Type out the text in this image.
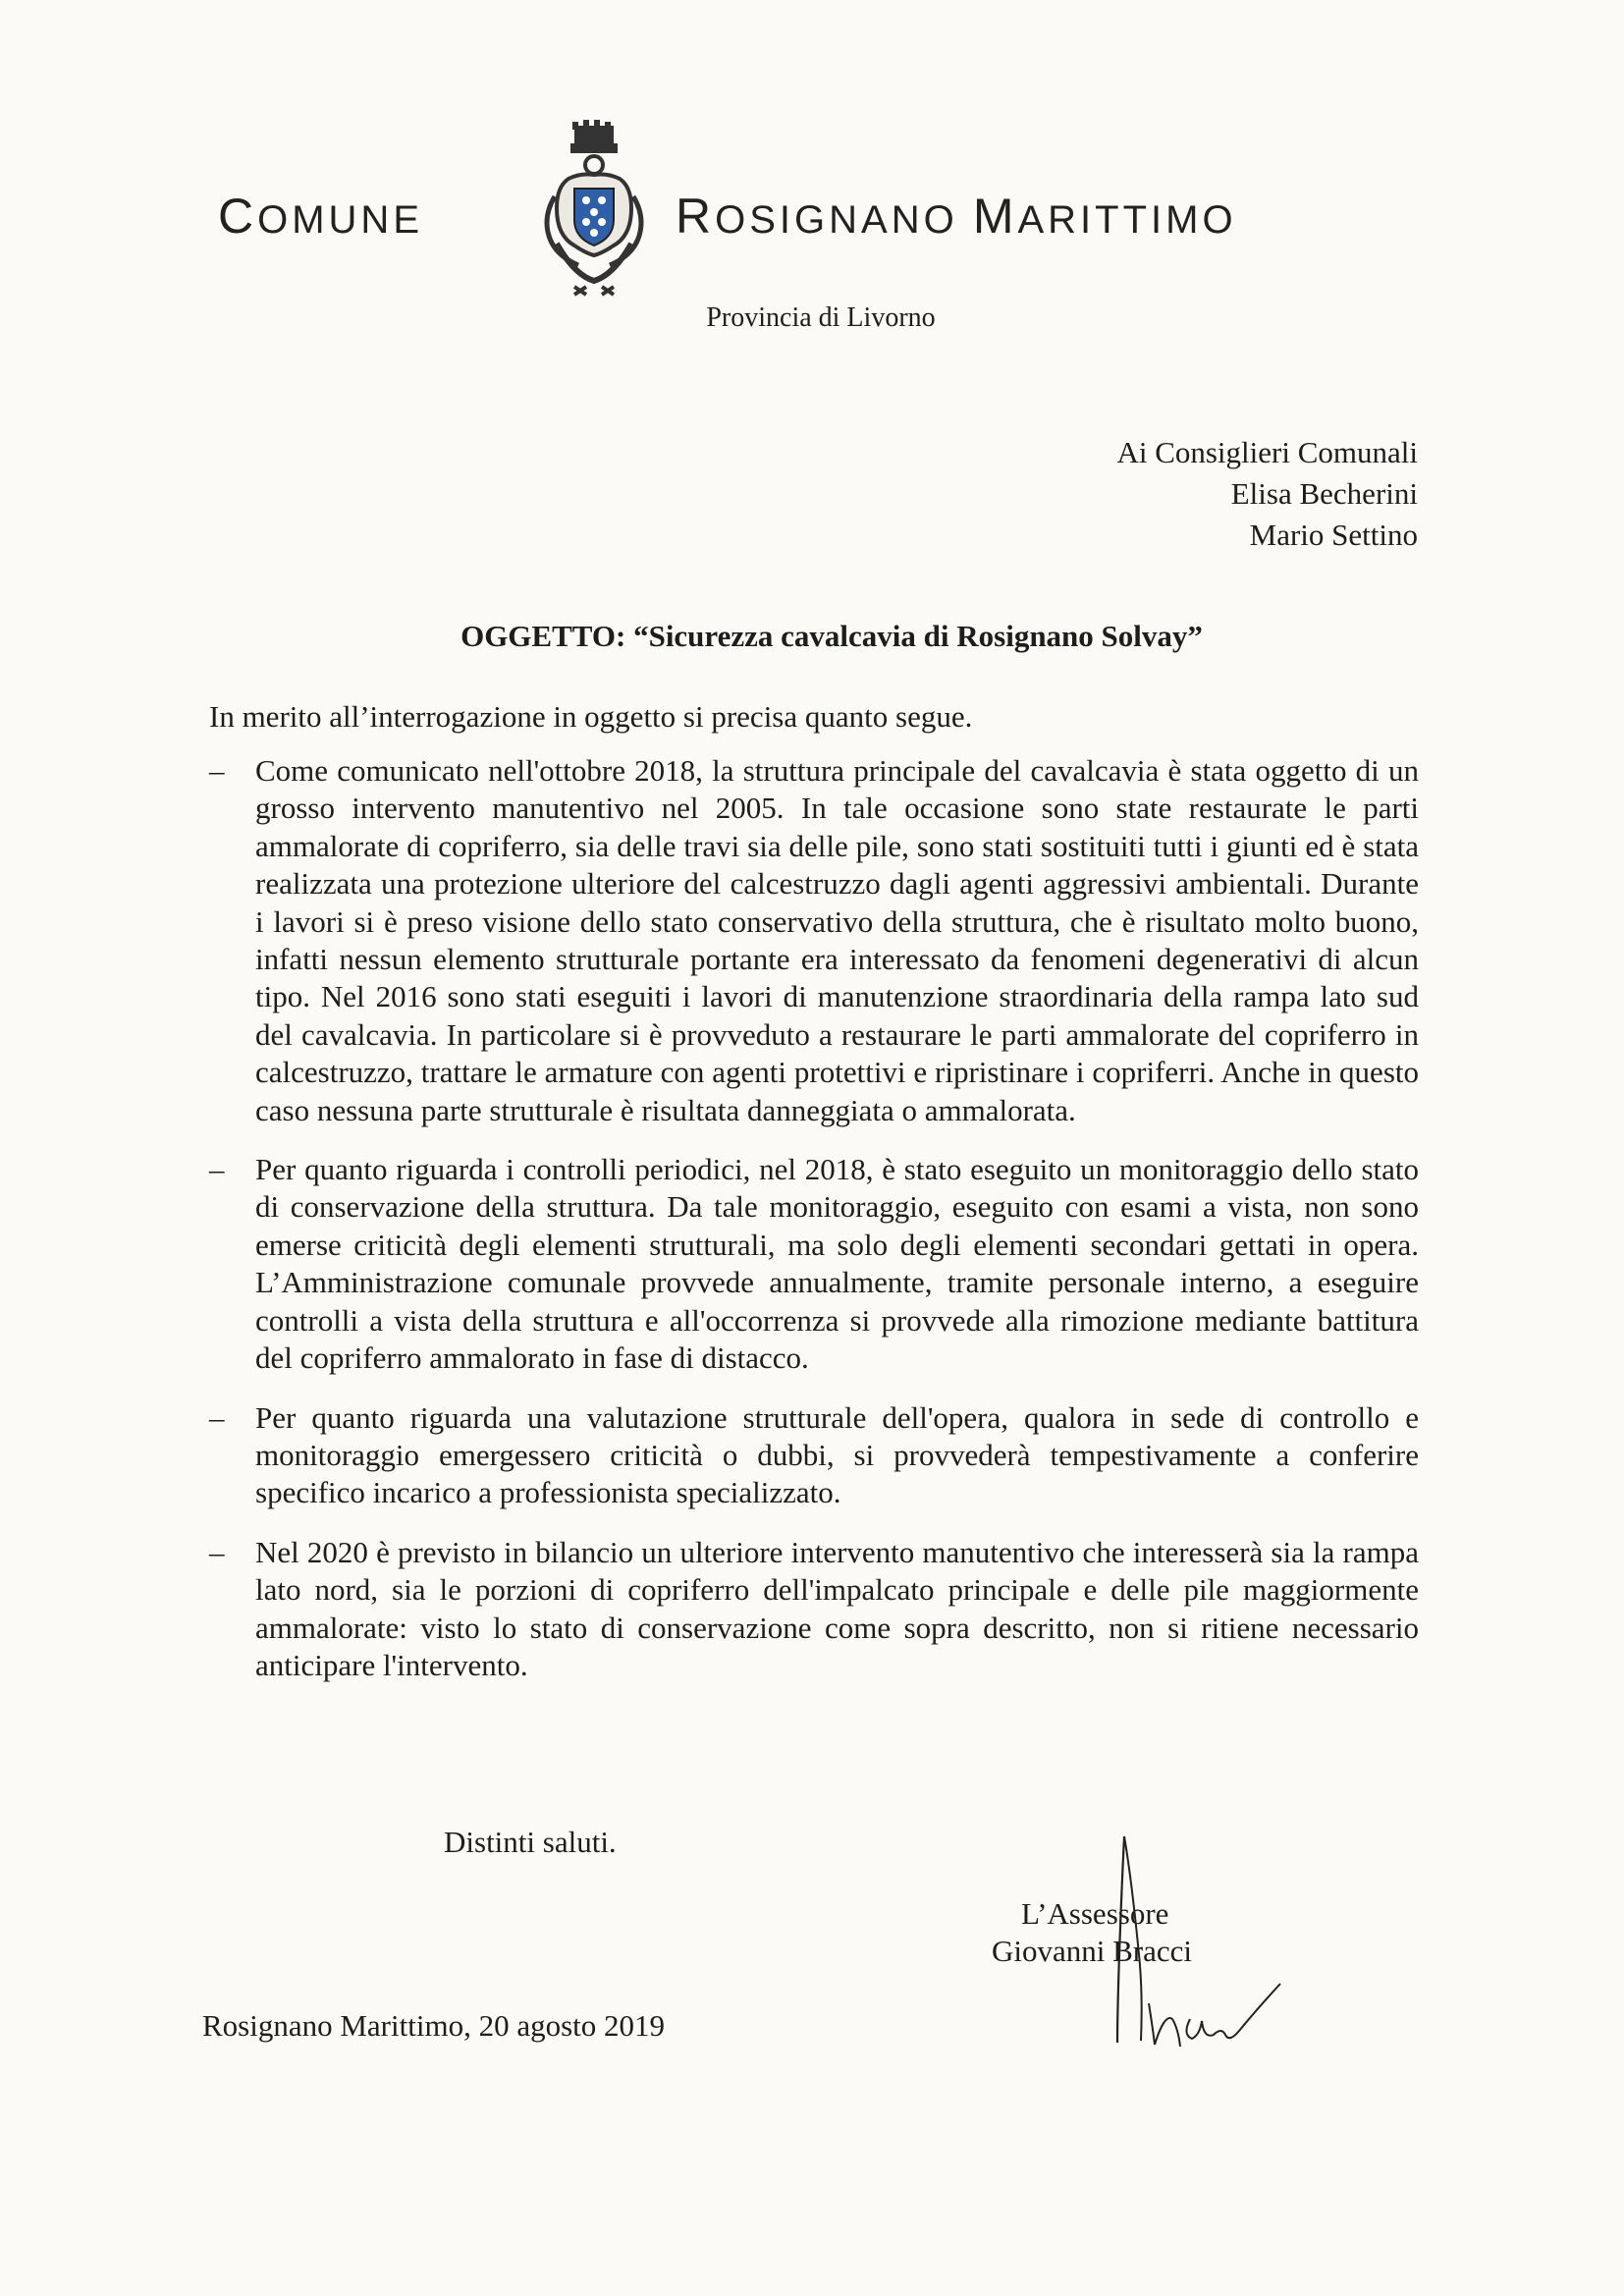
COMUNE	ROSIGNANO MARITTIMO
Provincia di Livorno
Ai Consiglieri Comunali
Elisa Becherini
Mario Settino
OGGETTO: “Sicurezza cavalcavia di Rosignano Solvay”
In merito all’interrogazione in oggetto si precisa quanto segue.
–	Come comunicato nell'ottobre 2018, la struttura principale del cavalcavia è stata oggetto di un grosso intervento manutentivo nel 2005. In tale occasione sono state restaurate le parti ammalorate di copriferro, sia delle travi sia delle pile, sono stati sostituiti tutti i giunti ed è stata realizzata una protezione ulteriore del calcestruzzo dagli agenti aggressivi ambientali. Durante i lavori si è preso visione dello stato conservativo della struttura, che è risultato molto buono, infatti nessun elemento strutturale portante era interessato da fenomeni degenerativi di alcun tipo. Nel 2016 sono stati eseguiti i lavori di manutenzione straordinaria della rampa lato sud del cavalcavia. In particolare si è provveduto a restaurare le parti ammalorate del copriferro in calcestruzzo, trattare le armature con agenti protettivi e ripristinare i copriferri. Anche in questo caso nessuna parte strutturale è risultata danneggiata o ammalorata.
–	Per quanto riguarda i controlli periodici, nel 2018, è stato eseguito un monitoraggio dello stato di conservazione della struttura. Da tale monitoraggio, eseguito con esami a vista, non sono emerse criticità degli elementi strutturali, ma solo degli elementi secondari gettati in opera. L’Amministrazione comunale provvede annualmente, tramite personale interno, a eseguire controlli a vista della struttura e all'occorrenza si provvede alla rimozione mediante battitura del copriferro ammalorato in fase di distacco.
–	Per quanto riguarda una valutazione strutturale dell'opera, qualora in sede di controllo e monitoraggio emergessero criticità o dubbi, si provvederà tempestivamente a conferire specifico incarico a professionista specializzato.
–	Nel 2020 è previsto in bilancio un ulteriore intervento manutentivo che interesserà sia la rampa lato nord, sia le porzioni di copriferro dell'impalcato principale e delle pile maggiormente ammalorate: visto lo stato di conservazione come sopra descritto, non si ritiene necessario anticipare l'intervento.
Distinti saluti.
L’Assessore
Giovanni Bracci
Rosignano Marittimo, 20 agosto 2019
